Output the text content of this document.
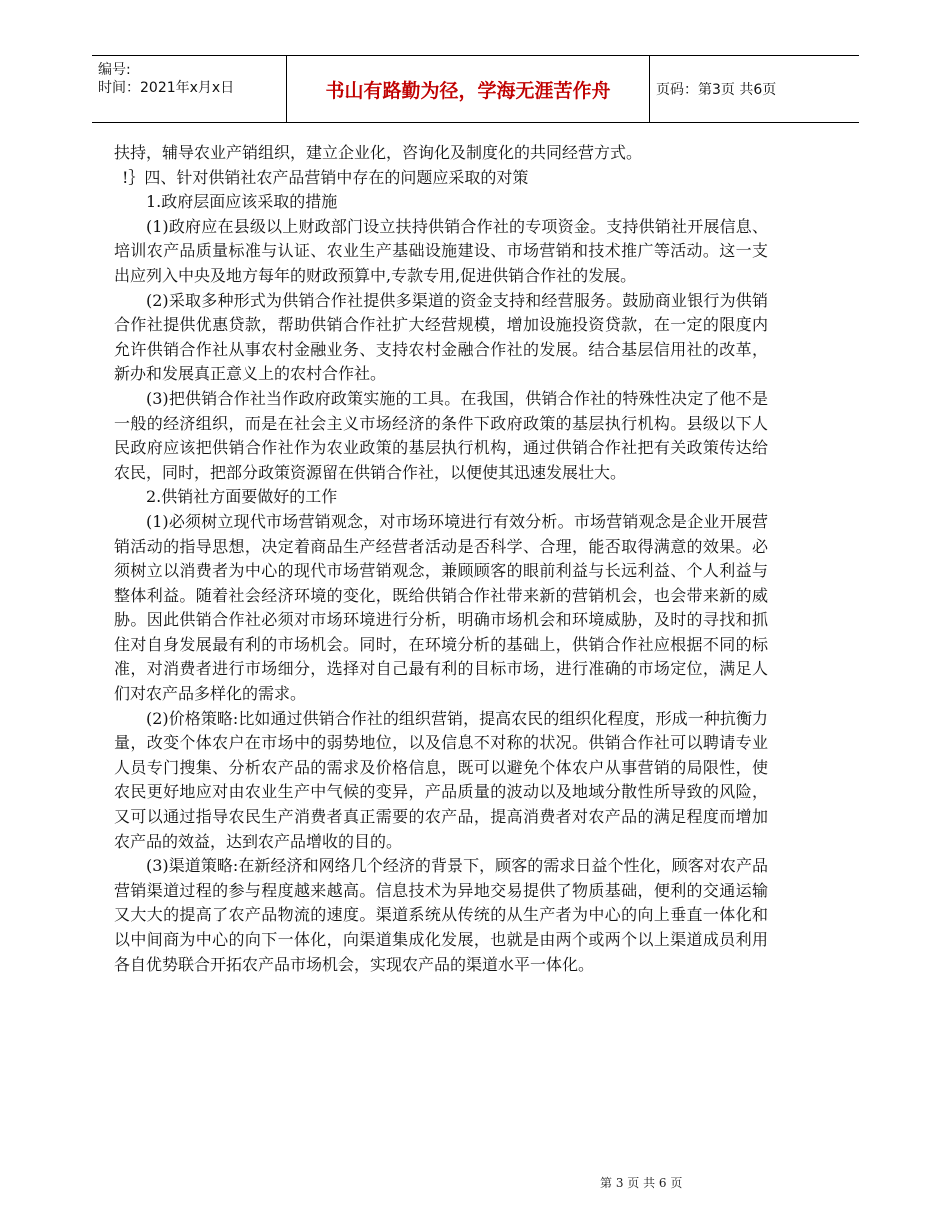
编号:
时间：2021年x月x日	书山有路勤为径，学海无涯苦作舟	页码：第3页 共6页

扶持，辅导农业产销组织，建立企业化，咨询化及制度化的共同经营方式。

!｝四、针对供销社农产品营销中存在的问题应采取的对策

1.政府层面应该采取的措施

(1)政府应在县级以上财政部门设立扶持供销合作社的专项资金。支持供销社开展信息、培训农产品质量标准与认证、农业生产基础设施建设、市场营销和技术推广等活动。这一支出应列入中央及地方每年的财政预算中,专款专用,促进供销合作社的发展。

(2)采取多种形式为供销合作社提供多渠道的资金支持和经营服务。鼓励商业银行为供销合作社提供优惠贷款，帮助供销合作社扩大经营规模，增加设施投资贷款，在一定的限度内允许供销合作社从事农村金融业务、支持农村金融合作社的发展。结合基层信用社的改革，新办和发展真正意义上的农村合作社。

(3)把供销合作社当作政府政策实施的工具。在我国，供销合作社的特殊性决定了他不是一般的经济组织，而是在社会主义市场经济的条件下政府政策的基层执行机构。县级以下人民政府应该把供销合作社作为农业政策的基层执行机构，通过供销合作社把有关政策传达给农民，同时，把部分政策资源留在供销合作社，以便使其迅速发展壮大。

2.供销社方面要做好的工作

(1)必须树立现代市场营销观念，对市场环境进行有效分析。市场营销观念是企业开展营销活动的指导思想，决定着商品生产经营者活动是否科学、合理，能否取得满意的效果。必须树立以消费者为中心的现代市场营销观念，兼顾顾客的眼前利益与长远利益、个人利益与整体利益。随着社会经济环境的变化，既给供销合作社带来新的营销机会，也会带来新的威胁。因此供销合作社必须对市场环境进行分析，明确市场机会和环境威胁，及时的寻找和抓住对自身发展最有利的市场机会。同时，在环境分析的基础上，供销合作社应根据不同的标准，对消费者进行市场细分，选择对自己最有利的目标市场，进行准确的市场定位，满足人们对农产品多样化的需求。

(2)价格策略:比如通过供销合作社的组织营销，提高农民的组织化程度，形成一种抗衡力量，改变个体农户在市场中的弱势地位，以及信息不对称的状况。供销合作社可以聘请专业人员专门搜集、分析农产品的需求及价格信息，既可以避免个体农户从事营销的局限性，使农民更好地应对由农业生产中气候的变异，产品质量的波动以及地域分散性所导致的风险，又可以通过指导农民生产消费者真正需要的农产品，提高消费者对农产品的满足程度而增加农产品的效益，达到农产品增收的目的。

(3)渠道策略:在新经济和网络几个经济的背景下，顾客的需求日益个性化，顾客对农产品营销渠道过程的参与程度越来越高。信息技术为异地交易提供了物质基础，便利的交通运输又大大的提高了农产品物流的速度。渠道系统从传统的从生产者为中心的向上垂直一体化和以中间商为中心的向下一体化，向渠道集成化发展，也就是由两个或两个以上渠道成员利用各自优势联合开拓农产品市场机会，实现农产品的渠道水平一体化。

第 3 页 共 6 页
